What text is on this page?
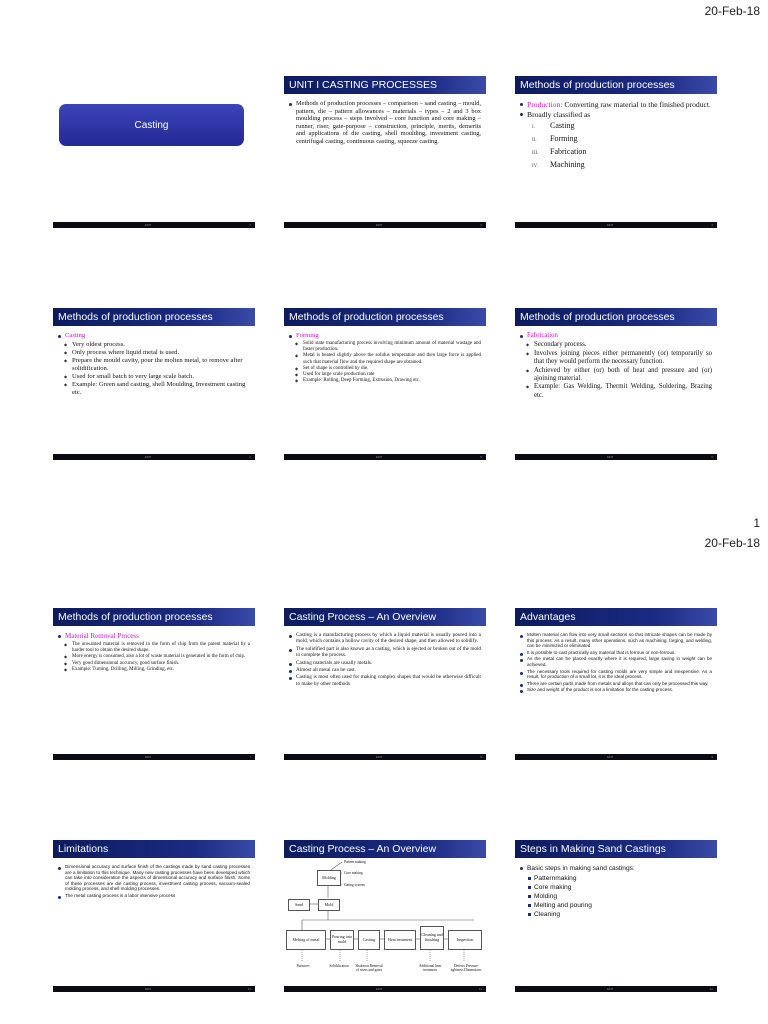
20-Feb-18
1
20-Feb-18
Casting
EMT	1
UNIT I CASTING PROCESSES
Methods of production processes – comparison – sand casting – mould, pattern, die – pattern allowances – materials – types – 2 and 3 box moulding process – steps involved – core function and core making – runner, riser, gate-purpose – construction, principle, merits, demerits and applications of die casting, shell moulding, investment casting, centrifugal casting, continuous casting, squeeze casting.
EMT	2
Methods of production processes
Production: Converting raw material to the finished product.
Broadly classified as
I. Casting
II. Forming
III. Fabrication
IV. Machining
EMT	3
Methods of production processes
Casting
◆ Very oldest process.
◆ Only process where liquid metal is used.
◆ Prepare the mould cavity, pour the molten metal, to remove after solidification.
◆ Used for small batch to very large scale batch.
◆ Example: Green sand casting, shell Moulding, Investment casting etc.
EMT	4
Methods of production processes
Forming
◆ Solid state manufacturing process involving minimum amount of material wastage and faster production.
◆ Metal is heated slightly above the solidus temperature and then large force is applied such that material flow and the required shape are obtained.
◆ Set of shape is controlled by die.
◆ Used for large scale production rate
◆ Example: Rolling, Deep Forming, Extrusion, Drawing etc.
EMT	5
Methods of production processes
Fabrication
◆ Secondary process.
◆ Involves joining pieces either permanently (or) temporarily so that they would perform the necessary function.
◆ Achieved by either (or) both of heat and pressure and (or) ajoining material.
◆ Example: Gas Welding, Thermit Welding, Soldering, Brazing etc.
EMT	6
Methods of production processes
Material Removal Process
◆ The unwanted material is removed in the form of chip from the parent material by a harder tool to obtain the desired shape.
◆ More energy is consumed, also a lot of waste material is generated in the form of chip.
◆ Very good dimensional accuracy, good surface finish.
◆ Example: Turning, Drilling, Milling, Grinding, etc.
EMT	7
Casting Process – An Overview
Casting is a manufacturing process by which a liquid material is usually poured into a mold, which contains a hollow cavity of the desired shape, and then allowed to solidify.
The solidified part is also known as a casting, which is ejected or broken out of the mold to complete the process.
Casting materials are usually metals.
Almost all metal can be cast.
Casting is most often used for making complex shapes that would be otherwise difficult to make by other methods
EMT	8
Advantages
Molten material can flow into very small sections so that intricate shapes can be made by this process. As a result, many other operations, such as machining, forging, and welding, can be minimized or eliminated.
It is possible to cast practically any material that is ferrous or non-ferrous.
As the metal can be placed exactly where it is required, large saving in weight can be achieved.
The necessary tools required for casting molds are very simple and inexpensive. As a result, for production of a small lot, it is the ideal process.
There are certain parts made from metals and alloys that can only be processed this way.
Size and weight of the product is not a limitation for the casting process.
EMT	9
Limitations
Dimensional accuracy and surface finish of the castings made by sand casting processes are a limitation to this technique. Many new casting processes have been developed which can take into consideration the aspects of dimensional accuracy and surface finish. Some of these processes are die casting process, investment casting process, vacuum-sealed molding process, and shell molding processes.
The metal casting process is a labor intensive process
EMT	10
Casting Process – An Overview
Pattern making
Core making
Gating system
Molding
Sand	Mold
Melting of metal	Pouring into mold	Casting	Heat treatment
Cleaning and finishing	Inspection
Furnaces	Solidification	Shakeout Removal of risers and gates
Additional heat treatment
Defects Pressure tightness Dimensions
EMT	11
Steps in Making Sand Castings
Basic steps in making sand castings:
Patternmaking
Core making
Molding
Melting and pouring
Cleaning
EMT	12
